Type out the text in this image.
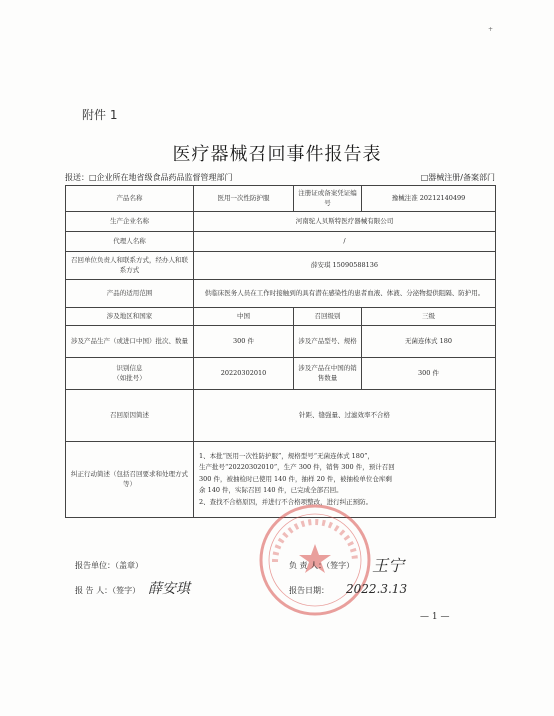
+
附件 1
医疗器械召回事件报告表
报送：□企业所在地省级食品药品监督管理部门	□器械注册/备案部门
产品名称	医用一次性防护服	注册证或备案凭证编号	豫械注准 20212140499
生产企业名称	河南驼人贝斯特医疗器械有限公司		
代理人名称	/		
召回单位负责人和联系方式，经办人和联系方式	薛安琪 15090588136		
产品的适用范围	供临床医务人员在工作时接触到的具有潜在感染性的患者血液、体液、分泌物提供阻隔、防护用。		
涉及地区和国家	中国	召回级别	三级
涉及产品生产（或进口中国）批次、数量	300 件	涉及产品型号、规格	无菌连体式 180

识别信息
（如批号）	20220302010	涉及产品在中国的销售数量	300 件
召回原因简述	针距、缝强量、过滤效率不合格		
纠正行动简述（包括召回要求和处理方式等）	1、本批“医用一次性防护服”，规格型号“无菌连体式 180”，
生产批号“20220302010”，生产 300 件，销售 300 件，预计召回
300 件，被抽检时已使用 140 件，抽样 20 件，被抽检单位仓库剩
余 140 件，实际召回 140 件，已完成全部召回。
2、查找不合格原因，并进行不合格项整改，进行纠正预防。		
报告单位：（盖章）
报 告 人：（签字）
负 责 人：（签字）
报告日期：
薛安琪
王宁
2022.3.13
— 1 —
